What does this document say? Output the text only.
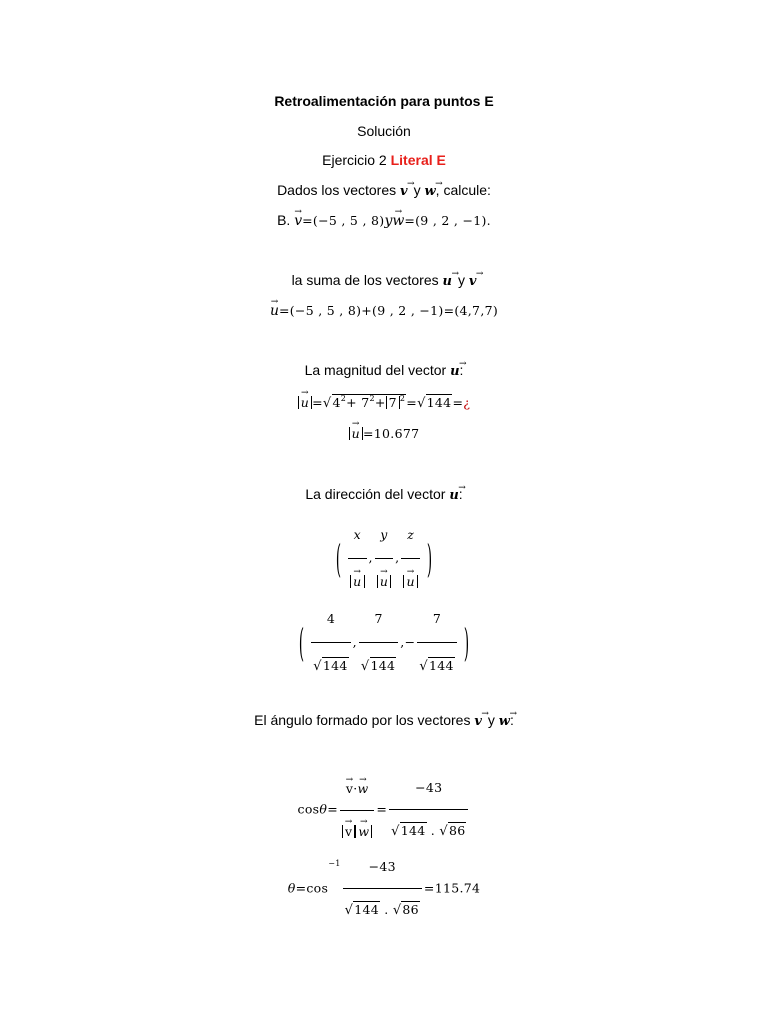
Retroalimentación para puntos E
Solución
Ejercicio 2 Literal E
Dados los vectores v → y w →, calcule:
B. v →=(−5 , 5 , 8)yw →=(9 , 2 , −1).
la suma de los vectores u → y v →
u →=(−5 , 5 , 8)+(9 , 2 , −1)=(4,7,7)
La magnitud del vector u →:
$u \to =√4^2+ 7^2+ 7$ $^2$=√144=¿
u → =10.677
La dirección del vector u →:
( $\frac{x}{u}$ → , $\frac{y}{u}$ → , $\frac{z}{u}$ → )
( $\frac{4}{√144}$ , $\frac{7}{√144}$ ,− $\frac{7}{√144}$ )
El ángulo formado por los vectores v → y w →:
$\cos\theta= \frac{v \to\cdot w \to}{v \to w}$ → = $\frac{-43}{√144 . √86}$
$\theta=\cos^{-1} \frac{-43}{√144 . √86} =115.74$
